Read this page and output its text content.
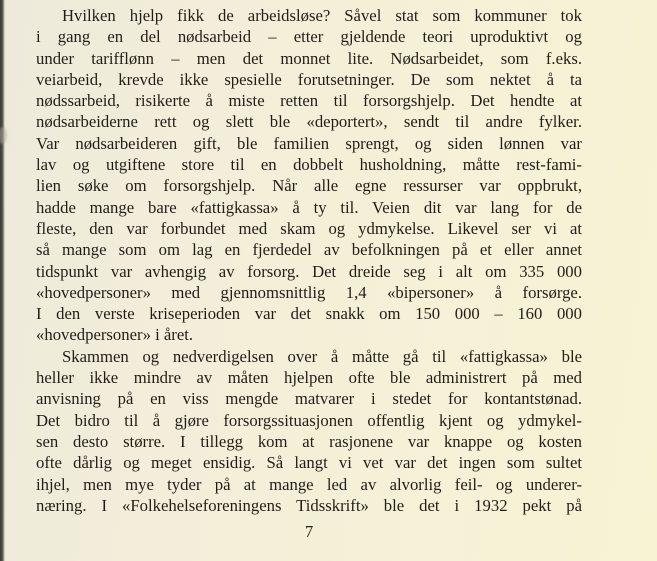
Hvilken hjelp fikk de arbeidsløse? Såvel stat som kommuner tok
i gang en del nødsarbeid – etter gjeldende teori uproduktivt og
under tarifflønn – men det monnet lite. Nødsarbeidet, som f.eks.
veiarbeid, krevde ikke spesielle forutsetninger. De som nektet å ta
nødssarbeid, risikerte å miste retten til forsorgshjelp. Det hendte at
nødsarbeiderne rett og slett ble «deportert», sendt til andre fylker.
Var nødsarbeideren gift, ble familien sprengt, og siden lønnen var
lav og utgiftene store til en dobbelt husholdning, måtte rest-fami-
lien søke om forsorgshjelp. Når alle egne ressurser var oppbrukt,
hadde mange bare «fattigkassa» å ty til. Veien dit var lang for de
fleste, den var forbundet med skam og ydmykelse. Likevel ser vi at
så mange som om lag en fjerdedel av befolkningen på et eller annet
tidspunkt var avhengig av forsorg. Det dreide seg i alt om 335 000
«hovedpersoner» med gjennomsnittlig 1,4 «bipersoner» å forsørge.
I den verste kriseperioden var det snakk om 150 000 – 160 000
«hovedpersoner» i året.
Skammen og nedverdigelsen over å måtte gå til «fattigkassa» ble
heller ikke mindre av måten hjelpen ofte ble administrert på med
anvisning på en viss mengde matvarer i stedet for kontantstønad.
Det bidro til å gjøre forsorgssituasjonen offentlig kjent og ydmykel-
sen desto større. I tillegg kom at rasjonene var knappe og kosten
ofte dårlig og meget ensidig. Så langt vi vet var det ingen som sultet
ihjel, men mye tyder på at mange led av alvorlig feil- og underer-
næring. I «Folkehelseforeningens Tidsskrift» ble det i 1932 pekt på
7
